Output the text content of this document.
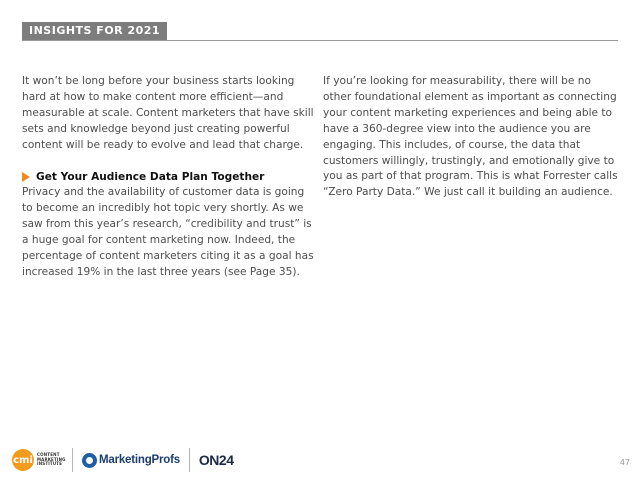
INSIGHTS FOR 2021

It won’t be long before your business starts looking hard at how to make content more efficient—and measurable at scale. Content marketers that have skill sets and knowledge beyond just creating powerful content will be ready to evolve and lead that charge.

Get Your Audience Data Plan Together

Privacy and the availability of customer data is going to become an incredibly hot topic very shortly. As we saw from this year’s research, “credibility and trust” is a huge goal for content marketing now. Indeed, the percentage of content marketers citing it as a goal has increased 19% in the last three years (see Page 35).

If you’re looking for measurability, there will be no other foundational element as important as connecting your content marketing experiences and being able to have a 360-degree view into the audience you are engaging. This includes, of course, the data that customers willingly, trustingly, and emotionally give to you as part of that program. This is what Forrester calls “Zero Party Data.” We just call it building an audience.

cmi CONTENT MARKETING INSTITUTE	MarketingProfs ON24	47
